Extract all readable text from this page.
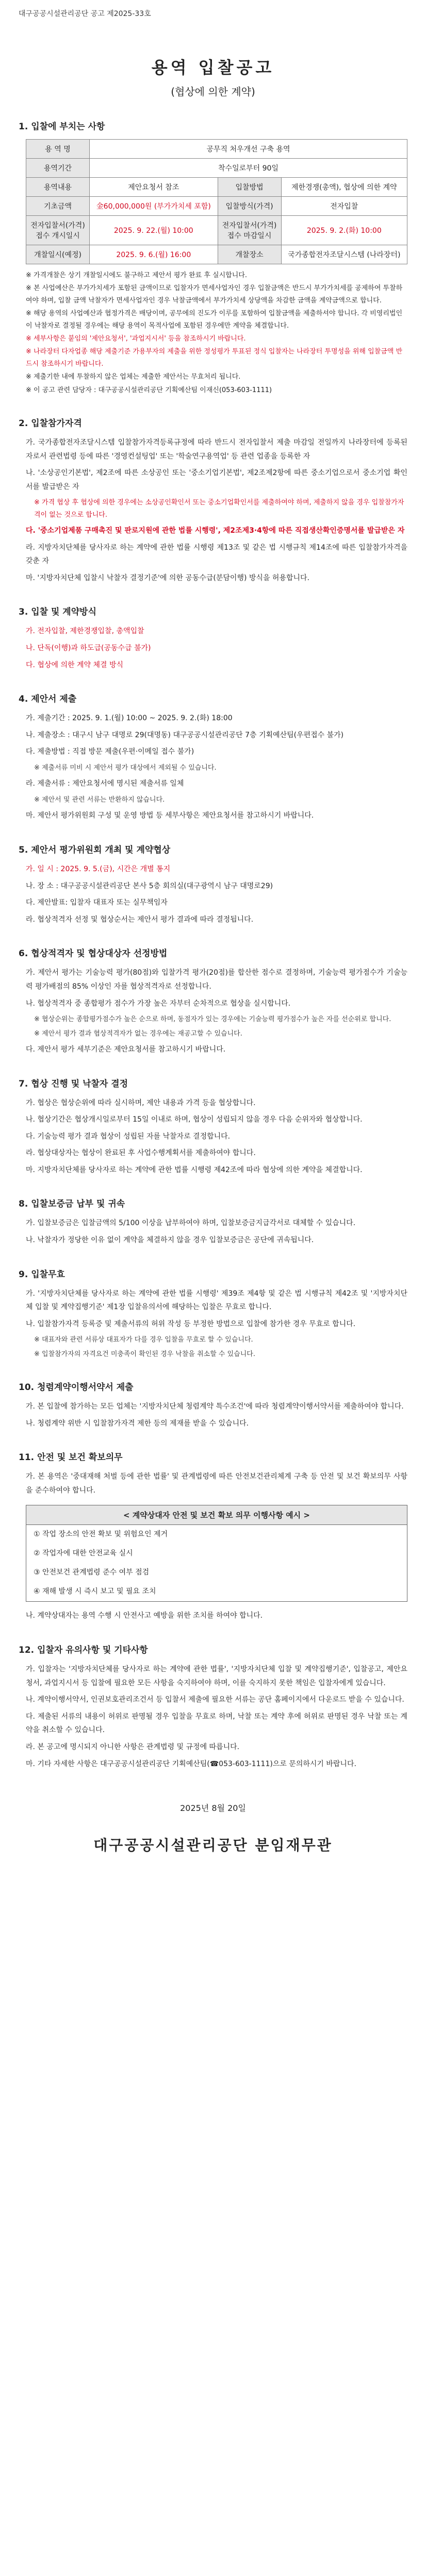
대구공공시설관리공단 공고 제2025-33호
용역 입찰공고
(협상에 의한 계약)
1. 입찰에 부치는 사항
용 역 명	공무직 처우개선 구축 용역		
용역기간	착수일로부터 90일		
용역내용	제안요청서 참조	입찰방법	제한경쟁(총액), 협상에 의한 계약
기초금액	金60,000,000원 (부가가치세 포함)	입찰방식(가격)	전자입찰
전자입찰서(가격) 접수 개시일시	2025. 9. 22.(월) 10:00	전자입찰서(가격) 접수 마감일시	2025. 9. 2.(화) 10:00
개찰일시(예정)	2025. 9. 6.(월) 16:00	개찰장소	국가종합전자조달시스템 (나라장터)
※ 가격개찰은 상기 개찰일시에도 불구하고 제안서 평가 완료 후 실시합니다.
※ 본 사업예산은 부가가치세가 포함된 금액이므로 입찰자가 면세사업자인 경우 입찰금액은 반드시 부가가치세를 공제하여 투찰하여야 하며, 입찰 금액 낙찰자가 면세사업자인 경우 낙찰금액에서 부가가치세 상당액을 차감한 금액을 계약금액으로 합니다.
※ 해당 용역의 사업예산과 협정가격은 배당이며, 공무에의 진도가 이루를 포함하여 입찰금액을 제출하셔야 합니다. 각 비영리법인이 낙찰자로 결정될 경우에는 해당 용역이 목적사업에 포함된 경우에만 계약을 체결합니다.
※ 세부사항은 붙임의 '제안요청서', '과업지시서' 등을 참조하시기 바랍니다.
※ 나라장터 다자업종 해당 제출기준 가용부자의 제출을 위한 정성평가 투표된 정식 입찰자는 나라장터 투명성을 위해 입찰금액 반드시 참조하시기 바랍니다.
※ 제출기한 내에 투찰하지 않은 업체는 제출한 제안서는 무효처리 됩니다.
※ 이 공고 관련 담당자 : 대구공공시설관리공단 기획예산팀 이재신(053-603-1111)
2. 입찰참가자격
가. 국가종합전자조달시스템 입찰참가자격등록규정에 따라 반드시 전자입찰서 제출 마감일 전일까지 나라장터에 등록된 자로서 관련법령 등에 따른 '경영컨설팅업' 또는 '학술연구용역업' 등 관련 업종을 등록한 자
나. '소상공인기본법', 제2조에 따른 소상공인 또는 '중소기업기본법', 제2조제2항에 따른 중소기업으로서 중소기업 확인서를 발급받은 자
※ 가격 협상 후 협상에 의한 경우에는 소상공인확인서 또는 중소기업확인서를 제출하여야 하며, 제출하지 않을 경우 입찰참가자격이 없는 것으로 합니다.
다. '중소기업제품 구매촉진 및 판로지원에 관한 법률 시행령', 제2조제3·4항에 따른 직접생산확인증명서를 발급받은 자
라. 지방자치단체를 당사자로 하는 계약에 관한 법률 시행령 제13조 및 같은 법 시행규칙 제14조에 따른 입찰참가자격을 갖춘 자
마. '지방자치단체 입찰시 낙찰자 결정기준'에 의한 공동수급(분담이행) 방식을 허용합니다.
3. 입찰 및 계약방식
가. 전자입찰, 제한경쟁입찰, 총액입찰
나. 단독(이행)과 하도급(공동수급 불가)
다. 협상에 의한 계약 체결 방식
4. 제안서 제출
가. 제출기간 : 2025. 9. 1.(월) 10:00 ~ 2025. 9. 2.(화) 18:00
나. 제출장소 : 대구시 남구 대명로 29(대명동) 대구공공시설관리공단 7층 기획예산팀(우편접수 불가)
다. 제출방법 : 직접 방문 제출(우편·이메일 접수 불가)
※ 제출서류 미비 시 제안서 평가 대상에서 제외될 수 있습니다.
라. 제출서류 : 제안요청서에 명시된 제출서류 일체
※ 제안서 및 관련 서류는 반환하지 않습니다.
마. 제안서 평가위원회 구성 및 운영 방법 등 세부사항은 제안요청서를 참고하시기 바랍니다.
5. 제안서 평가위원회 개최 및 계약협상
가. 일 시 : 2025. 9. 5.(금), 시간은 개별 통지
나. 장 소 : 대구공공시설관리공단 본사 5층 회의실(대구광역시 남구 대명로29)
다. 제안발표: 입찰자 대표자 또는 실무책임자
라. 협상적격자 선정 및 협상순서는 제안서 평가 결과에 따라 결정됩니다.
6. 협상적격자 및 협상대상자 선정방법
가. 제안서 평가는 기술능력 평가(80점)와 입찰가격 평가(20점)를 합산한 점수로 결정하며, 기술능력 평가점수가 기술능력 평가배점의 85% 이상인 자를 협상적격자로 선정합니다.
나. 협상적격자 중 종합평가 점수가 가장 높은 자부터 순차적으로 협상을 실시합니다.
※ 협상순위는 종합평가점수가 높은 순으로 하며, 동점자가 있는 경우에는 기술능력 평가점수가 높은 자를 선순위로 합니다.
※ 제안서 평가 결과 협상적격자가 없는 경우에는 재공고할 수 있습니다.
다. 제안서 평가 세부기준은 제안요청서를 참고하시기 바랍니다.
7. 협상 진행 및 낙찰자 결정
가. 협상은 협상순위에 따라 실시하며, 제안 내용과 가격 등을 협상합니다.
나. 협상기간은 협상개시일로부터 15일 이내로 하며, 협상이 성립되지 않을 경우 다음 순위자와 협상합니다.
다. 기술능력 평가 결과 협상이 성립된 자를 낙찰자로 결정합니다.
라. 협상대상자는 협상이 완료된 후 사업수행계획서를 제출하여야 합니다.
마. 지방자치단체를 당사자로 하는 계약에 관한 법률 시행령 제42조에 따라 협상에 의한 계약을 체결합니다.
8. 입찰보증금 납부 및 귀속
가. 입찰보증금은 입찰금액의 5/100 이상을 납부하여야 하며, 입찰보증금지급각서로 대체할 수 있습니다.
나. 낙찰자가 정당한 이유 없이 계약을 체결하지 않을 경우 입찰보증금은 공단에 귀속됩니다.
9. 입찰무효
가. '지방자치단체를 당사자로 하는 계약에 관한 법률 시행령' 제39조 제4항 및 같은 법 시행규칙 제42조 및 '지방자치단체 입찰 및 계약집행기준' 제1장 입찰유의서에 해당하는 입찰은 무효로 합니다.
나. 입찰참가자격 등록증 및 제출서류의 허위 작성 등 부정한 방법으로 입찰에 참가한 경우 무효로 합니다.
※ 대표자와 관련 서류상 대표자가 다를 경우 입찰을 무효로 할 수 있습니다.
※ 입찰참가자의 자격요건 미충족이 확인된 경우 낙찰을 취소할 수 있습니다.
10. 청렴계약이행서약서 제출
가. 본 입찰에 참가하는 모든 업체는 '지방자치단체 청렴계약 특수조건'에 따라 청렴계약이행서약서를 제출하여야 합니다.
나. 청렴계약 위반 시 입찰참가자격 제한 등의 제재를 받을 수 있습니다.
11. 안전 및 보건 확보의무
가. 본 용역은 '중대재해 처벌 등에 관한 법률' 및 관계법령에 따른 안전보건관리체계 구축 등 안전 및 보건 확보의무 사항을 준수하여야 합니다.
< 계약상대자 안전 및 보건 확보 의무 이행사항 예시 >
① 작업 장소의 안전 확보 및 위험요인 제거
② 작업자에 대한 안전교육 실시
③ 안전보건 관계법령 준수 여부 점검
④ 재해 발생 시 즉시 보고 및 필요 조치
나. 계약상대자는 용역 수행 시 안전사고 예방을 위한 조치를 하여야 합니다.
12. 입찰자 유의사항 및 기타사항
가. 입찰자는 '지방자치단체를 당사자로 하는 계약에 관한 법률', '지방자치단체 입찰 및 계약집행기준', 입찰공고, 제안요청서, 과업지시서 등 입찰에 필요한 모든 사항을 숙지하여야 하며, 이를 숙지하지 못한 책임은 입찰자에게 있습니다.
나. 계약이행서약서, 인권보호관리조건서 등 입찰서 제출에 필요한 서류는 공단 홈페이지에서 다운로드 받을 수 있습니다.
다. 제출된 서류의 내용이 허위로 판명될 경우 입찰을 무효로 하며, 낙찰 또는 계약 후에 허위로 판명된 경우 낙찰 또는 계약을 취소할 수 있습니다.
라. 본 공고에 명시되지 아니한 사항은 관계법령 및 규정에 따릅니다.
마. 기타 자세한 사항은 대구공공시설관리공단 기획예산팀(☎053-603-1111)으로 문의하시기 바랍니다.
2025년 8월 20일
대구공공시설관리공단 분임재무관
